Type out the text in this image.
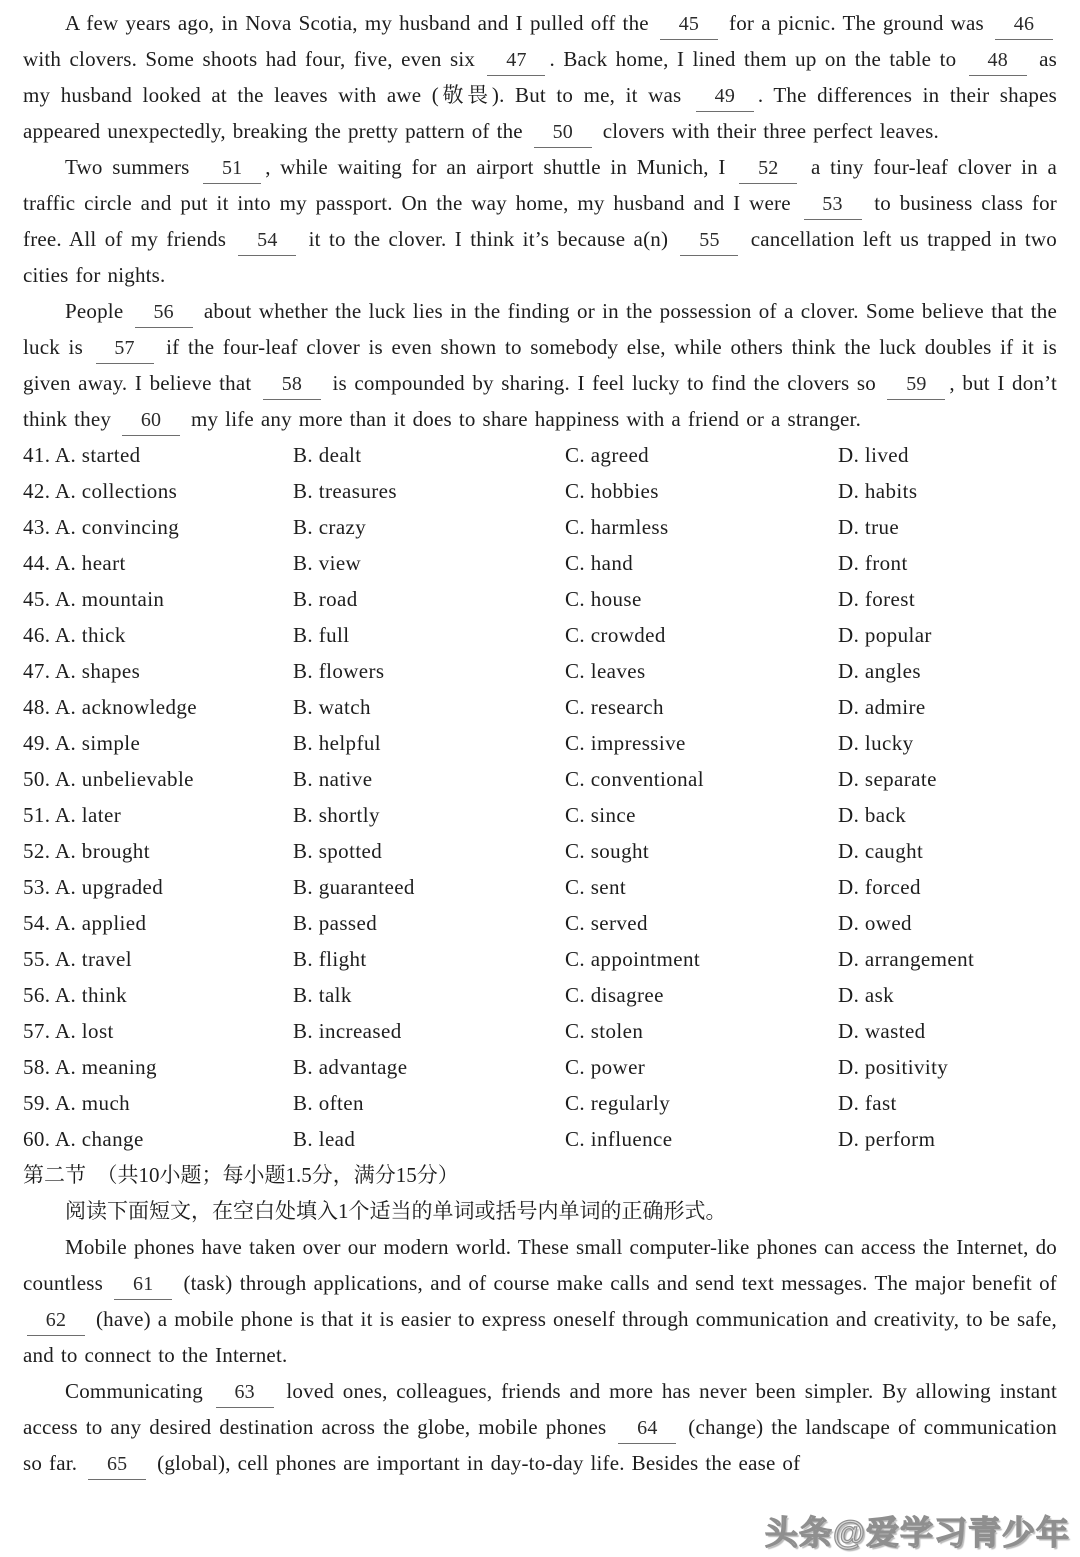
A few years ago, in Nova Scotia, my husband and I pulled off the 45 for a picnic. The ground was 46 with clovers. Some shoots had four, five, even six 47 . Back home, I lined them up on the table to 48 as my husband looked at the leaves with awe (敬畏). But to me, it was 49 . The differences in their shapes appeared unexpectedly, breaking the pretty pattern of the 50 clovers with their three perfect leaves.

Two summers 51 , while waiting for an airport shuttle in Munich, I 52 a tiny four-leaf clover in a traffic circle and put it into my passport. On the way home, my husband and I were 53 to business class for free. All of my friends 54 it to the clover. I think it’s because a(n) 55 cancellation left us trapped in two cities for nights.

People 56 about whether the luck lies in the finding or in the possession of a clover. Some believe that the luck is 57 if the four-leaf clover is even shown to somebody else, while others think the luck doubles if it is given away. I believe that 58 is compounded by sharing. I feel lucky to find the clovers so 59 , but I don’t think they 60 my life any more than it does to share happiness with a friend or a stranger.

41. A. started	B. dealt	C. agreed	D. lived
42. A. collections	B. treasures	C. hobbies	D. habits
43. A. convincing	B. crazy	C. harmless	D. true
44. A. heart	B. view	C. hand	D. front
45. A. mountain	B. road	C. house	D. forest
46. A. thick	B. full	C. crowded	D. popular
47. A. shapes	B. flowers	C. leaves	D. angles
48. A. acknowledge	B. watch	C. research	D. admire
49. A. simple	B. helpful	C. impressive	D. lucky
50. A. unbelievable	B. native	C. conventional	D. separate
51. A. later	B. shortly	C. since	D. back
52. A. brought	B. spotted	C. sought	D. caught
53. A. upgraded	B. guaranteed	C. sent	D. forced
54. A. applied	B. passed	C. served	D. owed
55. A. travel	B. flight	C. appointment	D. arrangement
56. A. think	B. talk	C. disagree	D. ask
57. A. lost	B. increased	C. stolen	D. wasted
58. A. meaning	B. advantage	C. power	D. positivity
59. A. much	B. often	C. regularly	D. fast
60. A. change	B. lead	C. influence	D. perform
第二节　（共10小题；每小题1.5分，满分15分）

阅读下面短文，在空白处填入1个适当的单词或括号内单词的正确形式。

Mobile phones have taken over our modern world. These small computer-like phones can access the Internet, do countless 61 (task) through applications, and of course make calls and send text messages. The major benefit of 62 (have) a mobile phone is that it is easier to express oneself through communication and creativity, to be safe, and to connect to the Internet.

Communicating 63 loved ones, colleagues, friends and more has never been simpler. By allowing instant access to any desired destination across the globe, mobile phones 64 (change) the landscape of communication so far. 65 (global), cell phones are important in day-to-day life. Besides the ease of

头条@爱学习青少年
